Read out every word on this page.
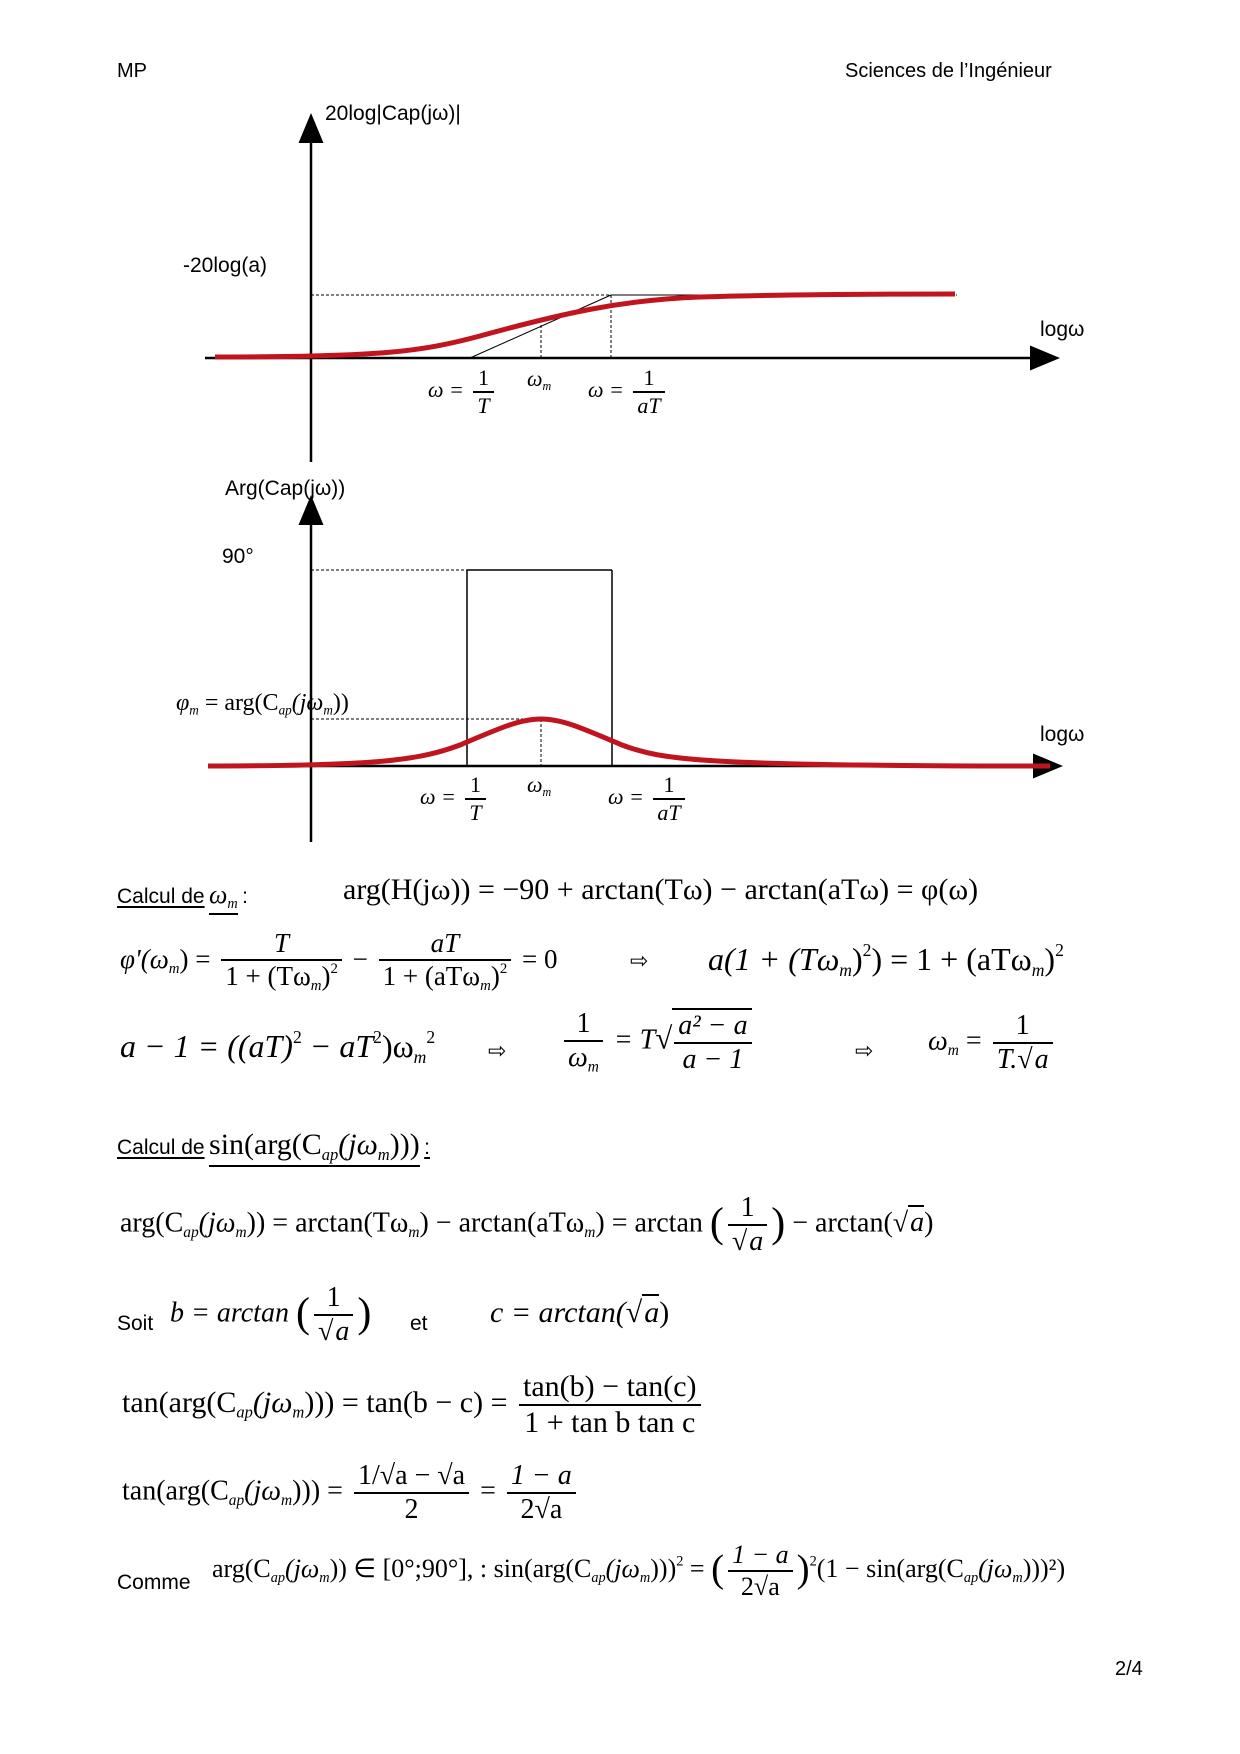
MP	Sciences de l’Ingénieur
2/4
20log|Cap(jω)|
-20log(a)
logω
$\omega = \frac{1}{T} \omega_m$ $\omega = \frac{1}{aT}$
Arg(Cap(jω))
90°
logω
$\varphi_m = arg(C_{ap}(j\omega_m))$
$\omega = \frac{1}{T} \omega_m$	$\omega = \frac{1}{aT}$
Calcul de $\omega_m$ :	arg(H(jω)) = −90 + arctan(Tω) − arctan(aTω) = φ(ω)
$\varphi'(\omega_m) = \frac{T}{1 + (T\omega_m)^2} - \frac{aT}{1 + (aT\omega_m)^2} = 0$	⇨ $a(1 + (T\omega_m)^2) = 1 + (aT\omega_m)^2$
$a - 1 = ((aT)^2 - aT^2)\omega_m^2$
⇨ $\frac{1}{\omega_m} = T√ \frac{\text{a² − a}}{a - 1}$	⇨ $\omega_m = \frac{1}{T.√a}$
Calcul de $\sin(arg(C_{ap}(j\omega_m)))$ :
$arg(C_{ap}(j\omega_m)) = \arctan(T\omega_m) - \arctan(aT\omega_m) = \arctan$ ( $\frac{1}{√a}$ ) − arctan(√a)
Soit b = arctan ( $\frac{1}{√a}$ ) et c = arctan(√a)
$\tan(arg(C_{ap}(j\omega_m))) = \tan(b - c) = \frac{\tan(b) - \tan(c)}{\text{1 + tan b tan c}}$
$\tan(arg(C_{ap}(j\omega_m))) = \frac{1/√a - √a}{2} = \frac{1 - a}{2√a}$
Comme $arg(C_{ap}(j\omega_m))$ ∈ [0°;90°], : $\sin(arg(C_{ap}(j\omega_m)))^2$ = ( $\frac{1 - a}{2√a} )^2(1 - \sin(arg(C_{ap}(j\omega_m)))^2)$
